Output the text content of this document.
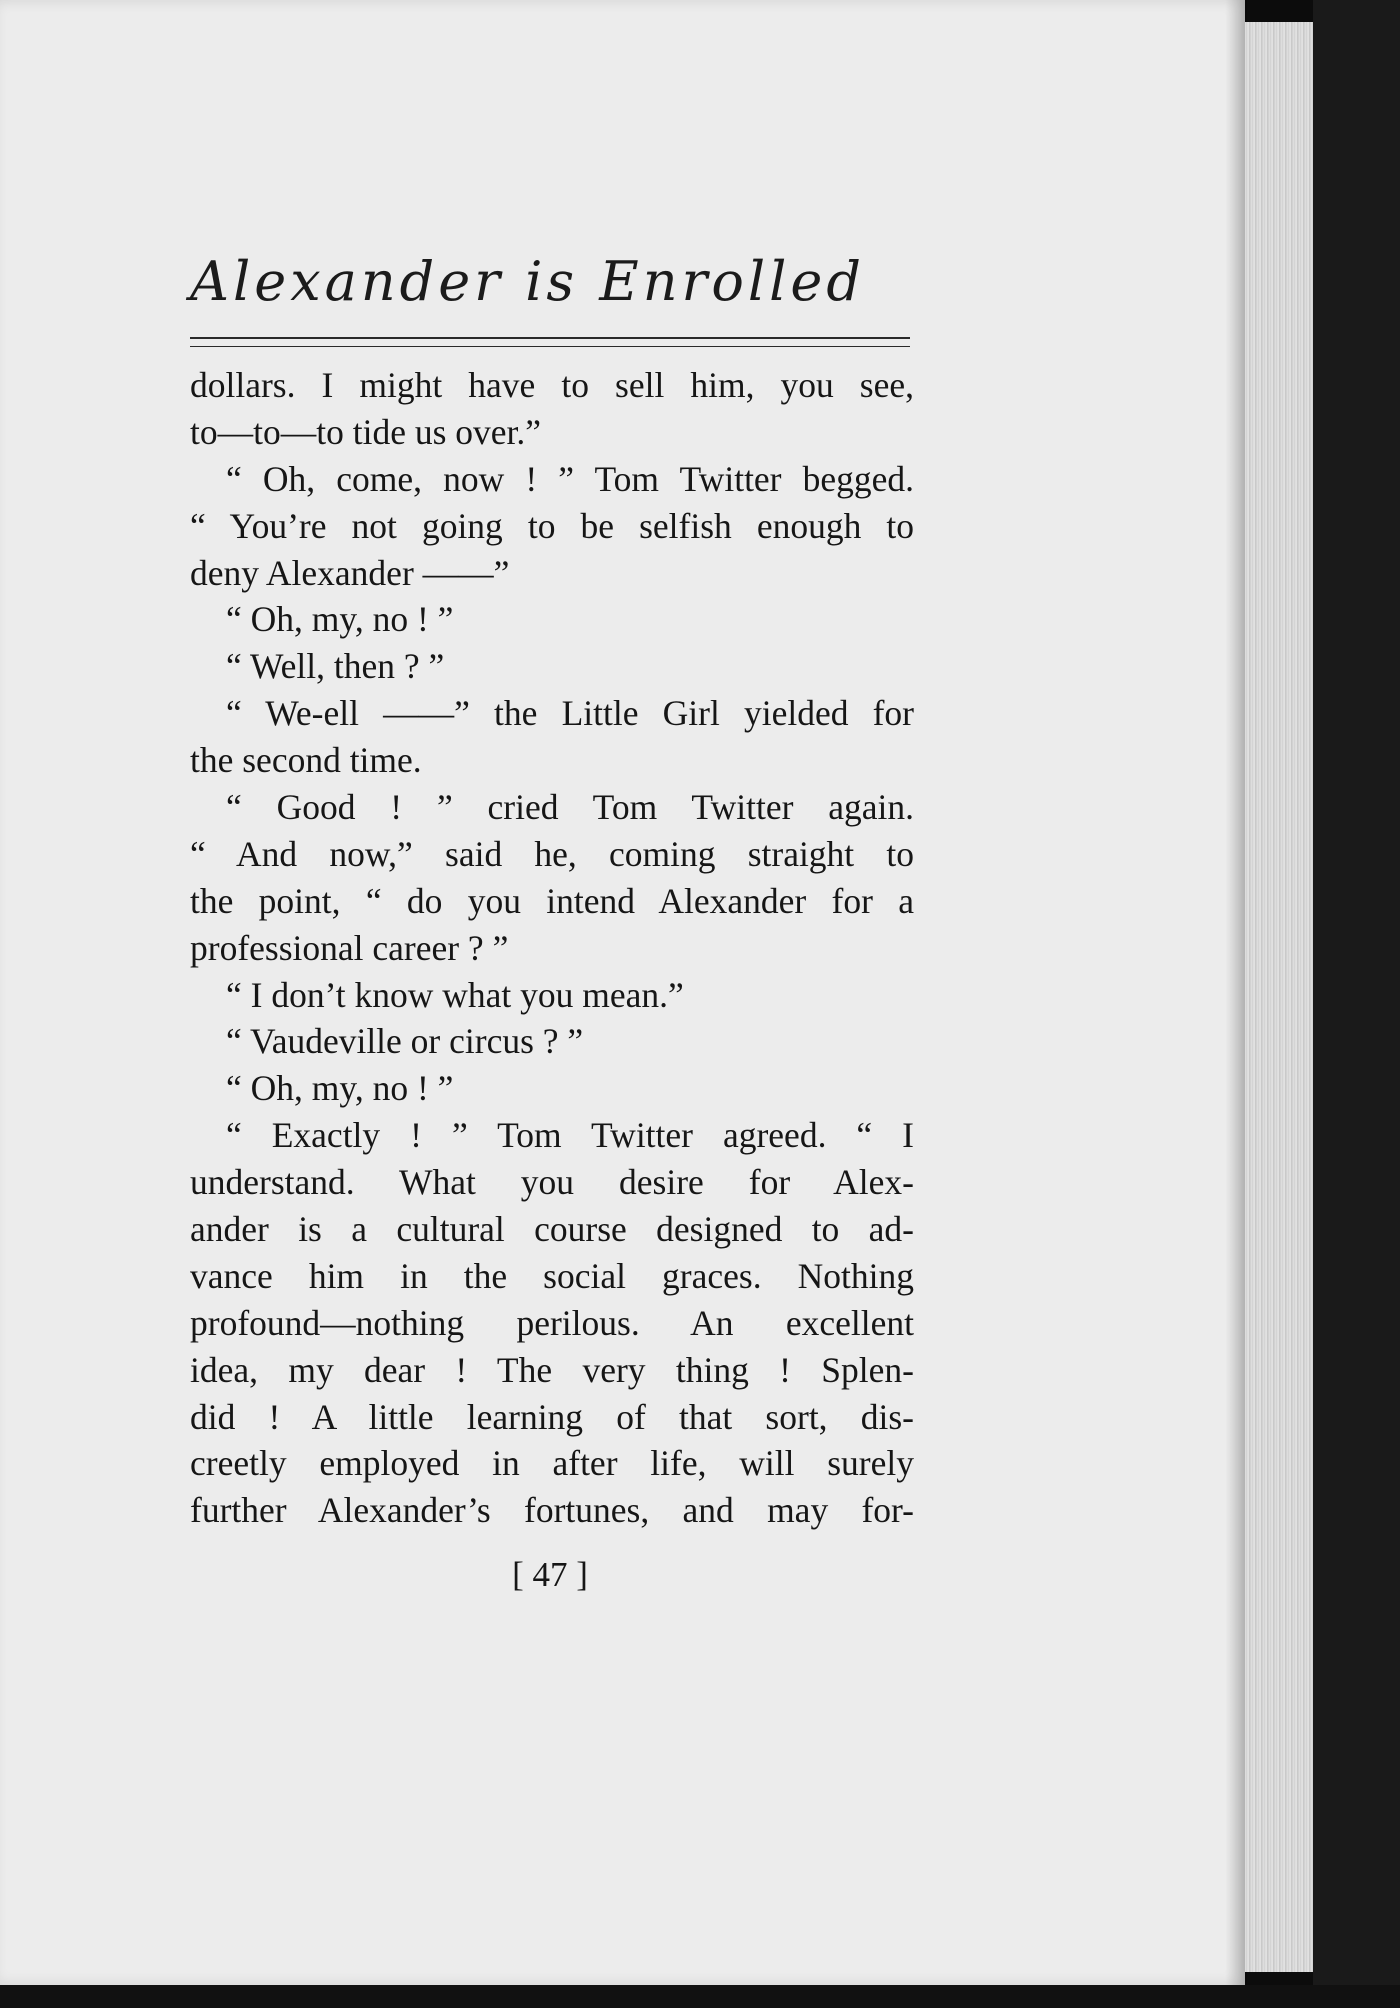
Alexander is Enrolled
dollars. I might have to sell him, you see,
to—to—to tide us over.”
“ Oh, come, now ! ” Tom Twitter begged.
“ You’re not going to be selfish enough to
deny Alexander ——”
“ Oh, my, no ! ”
“ Well, then ? ”
“ We-ell ——” the Little Girl yielded for
the second time.
“ Good ! ” cried Tom Twitter again.
“ And now,” said he, coming straight to
the point, “ do you intend Alexander for a
professional career ? ”
“ I don’t know what you mean.”
“ Vaudeville or circus ? ”
“ Oh, my, no ! ”
“ Exactly ! ” Tom Twitter agreed. “ I
understand. What you desire for Alex-
ander is a cultural course designed to ad-
vance him in the social graces. Nothing
profound—nothing perilous. An excellent
idea, my dear ! The very thing ! Splen-
did ! A little learning of that sort, dis-
creetly employed in after life, will surely
further Alexander’s fortunes, and may for-
[ 47 ]
